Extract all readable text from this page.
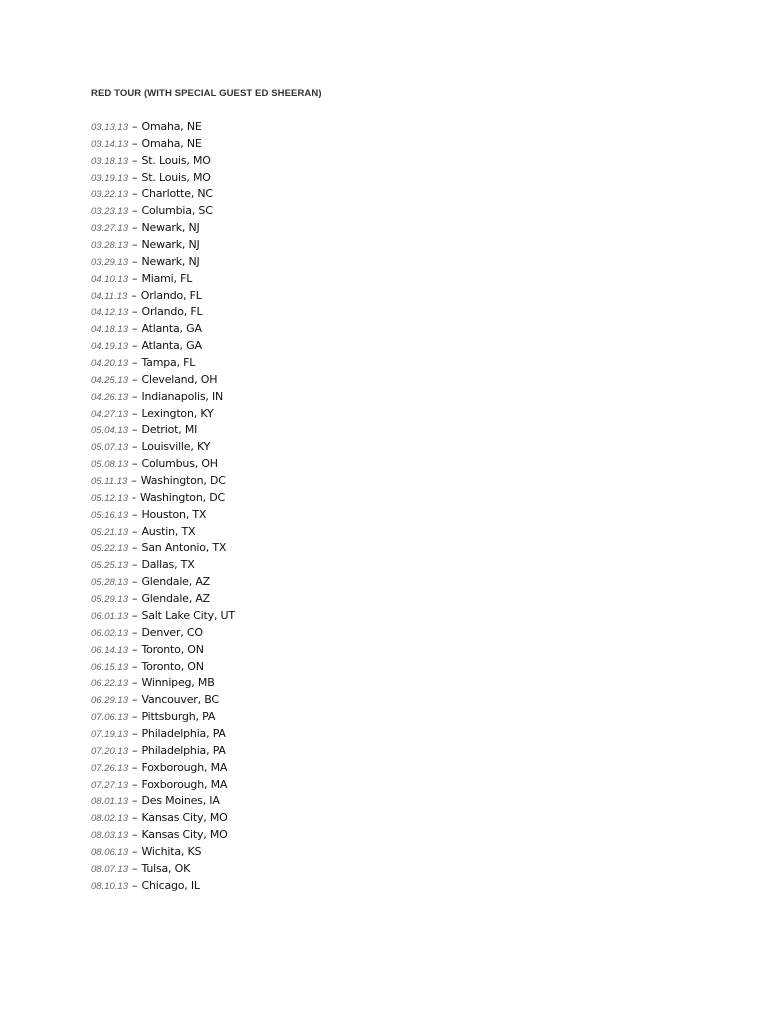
RED TOUR (WITH SPECIAL GUEST ED SHEERAN)
03.13.13 – Omaha, NE
03.14.13 – Omaha, NE
03.18.13 – St. Louis, MO
03.19.13 – St. Louis, MO
03.22.13 – Charlotte, NC
03.23.13 – Columbia, SC
03.27.13 – Newark, NJ
03.28.13 – Newark, NJ
03.29.13 – Newark, NJ
04.10.13 – Miami, FL
04.11.13 – Orlando, FL
04.12.13 – Orlando, FL
04.18.13 – Atlanta, GA
04.19.13 – Atlanta, GA
04.20.13 – Tampa, FL
04.25.13 – Cleveland, OH
04.26.13 – Indianapolis, IN
04.27.13 – Lexington, KY
05.04.13 – Detriot, MI
05.07.13 – Louisville, KY
05.08.13 – Columbus, OH
05.11.13 – Washington, DC
05.12.13 - Washington, DC
05.16.13 – Houston, TX
05.21.13 – Austin, TX
05.22.13 – San Antonio, TX
05.25.13 – Dallas, TX
05.28.13 – Glendale, AZ
05.29.13 – Glendale, AZ
06.01.13 – Salt Lake City, UT
06.02.13 – Denver, CO
06.14.13 – Toronto, ON
06.15.13 – Toronto, ON
06.22.13 – Winnipeg, MB
06.29.13 – Vancouver, BC
07.06.13 – Pittsburgh, PA
07.19.13 – Philadelphia, PA
07.20.13 – Philadelphia, PA
07.26.13 – Foxborough, MA
07.27.13 – Foxborough, MA
08.01.13 – Des Moines, IA
08.02.13 – Kansas City, MO
08.03.13 – Kansas City, MO
08.06.13 – Wichita, KS
08.07.13 – Tulsa, OK
08.10.13 – Chicago, IL
